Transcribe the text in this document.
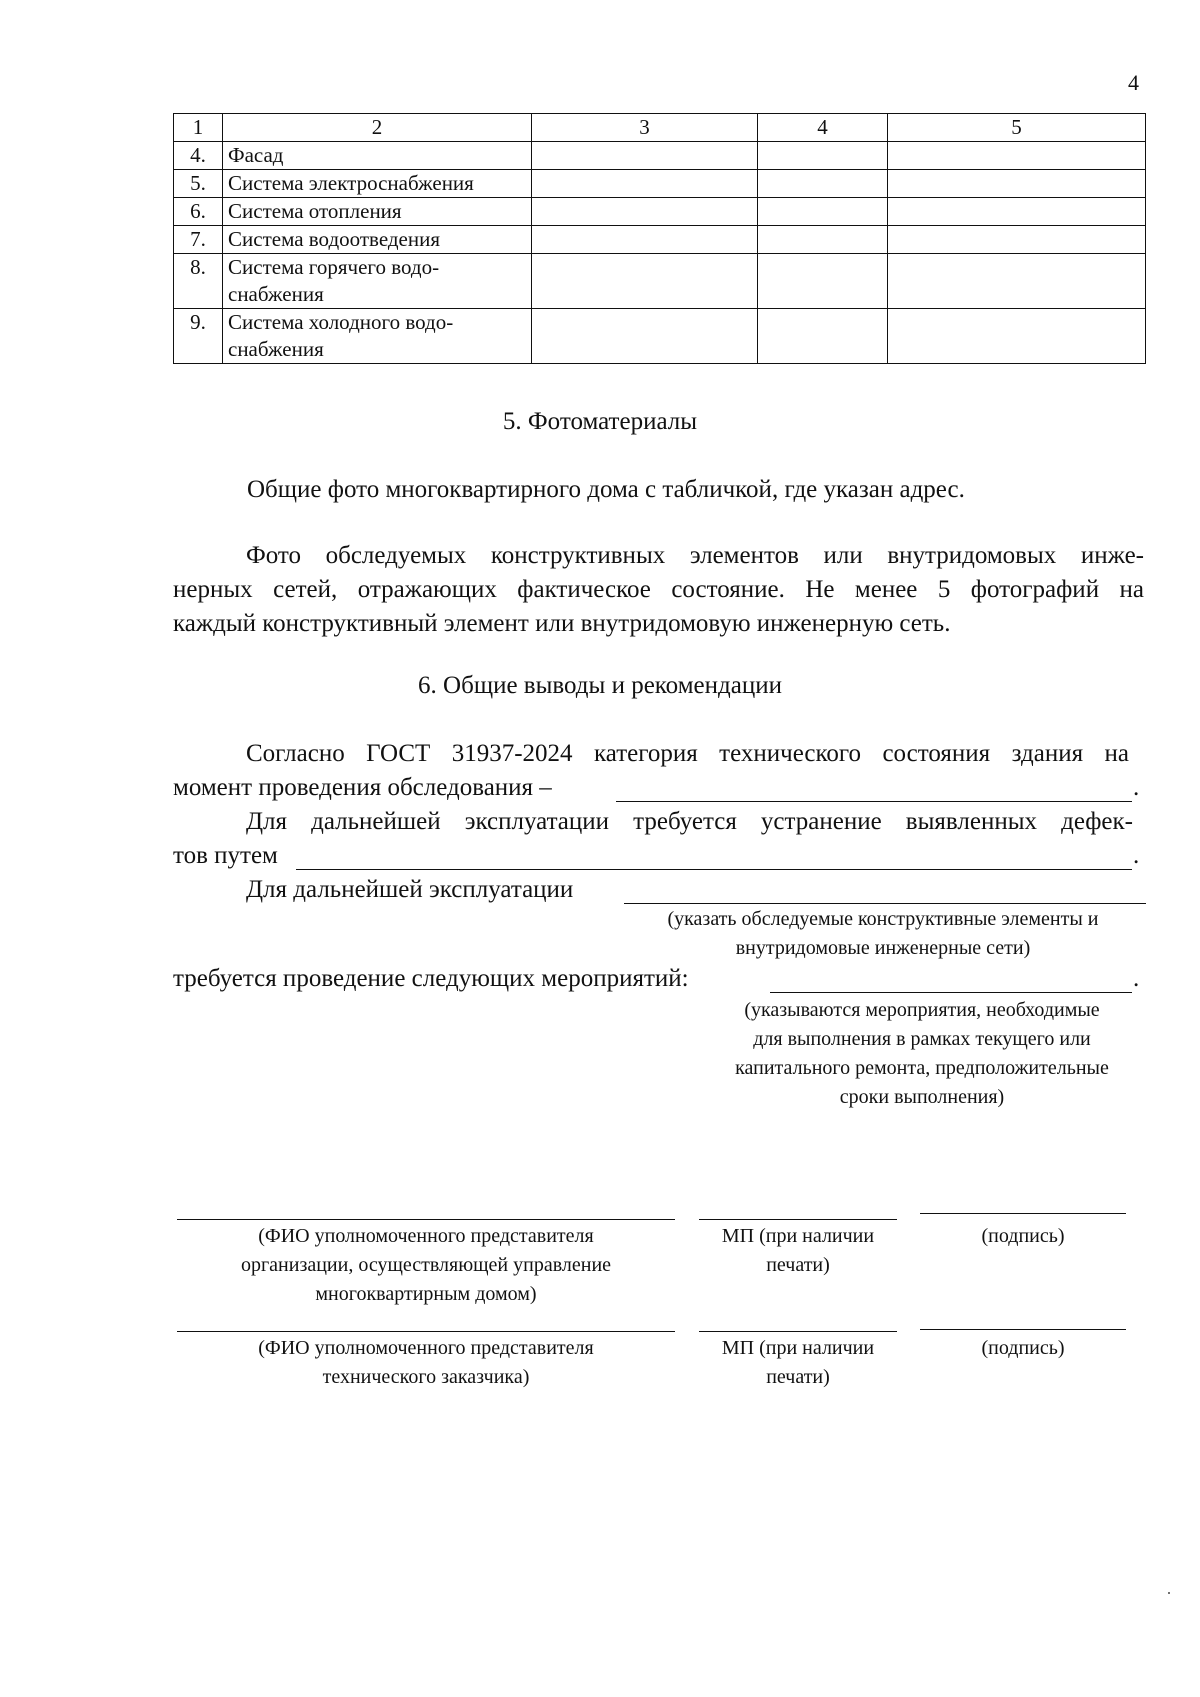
4
1	2	3	4	5
4.	Фасад			
5.	Система электроснабжения			
6.	Система отопления			
7.	Система водоотведения			
8.	Система горячего водо- снабжения			
9.	Система холодного водо- снабжения			
5. Фотоматериалы
Общие фото многоквартирного дома с табличкой, где указан адрес.
Фото обследуемых конструктивных элементов или внутридомовых инже-
нерных сетей, отражающих фактическое состояние. Не менее 5 фотографий на
каждый конструктивный элемент или внутридомовую инженерную сеть.
6. Общие выводы и рекомендации
Согласно ГОСТ 31937-2024 категория технического состояния здания на
момент проведения обследования –	.
Для дальнейшей эксплуатации требуется устранение выявленных дефек-
тов путем	.
Для дальнейшей эксплуатации
(указать обследуемые конструктивные элементы и
внутридомовые инженерные сети)
требуется проведение следующих мероприятий:	.
(указываются мероприятия, необходимые
для выполнения в рамках текущего или
капитального ремонта, предположительные
сроки выполнения)
(ФИО уполномоченного представителя
организации, осуществляющей управление
многоквартирным домом)
МП (при наличии
печати)
(подпись)
(ФИО уполномоченного представителя
технического заказчика)
МП (при наличии
печати)
(подпись)
